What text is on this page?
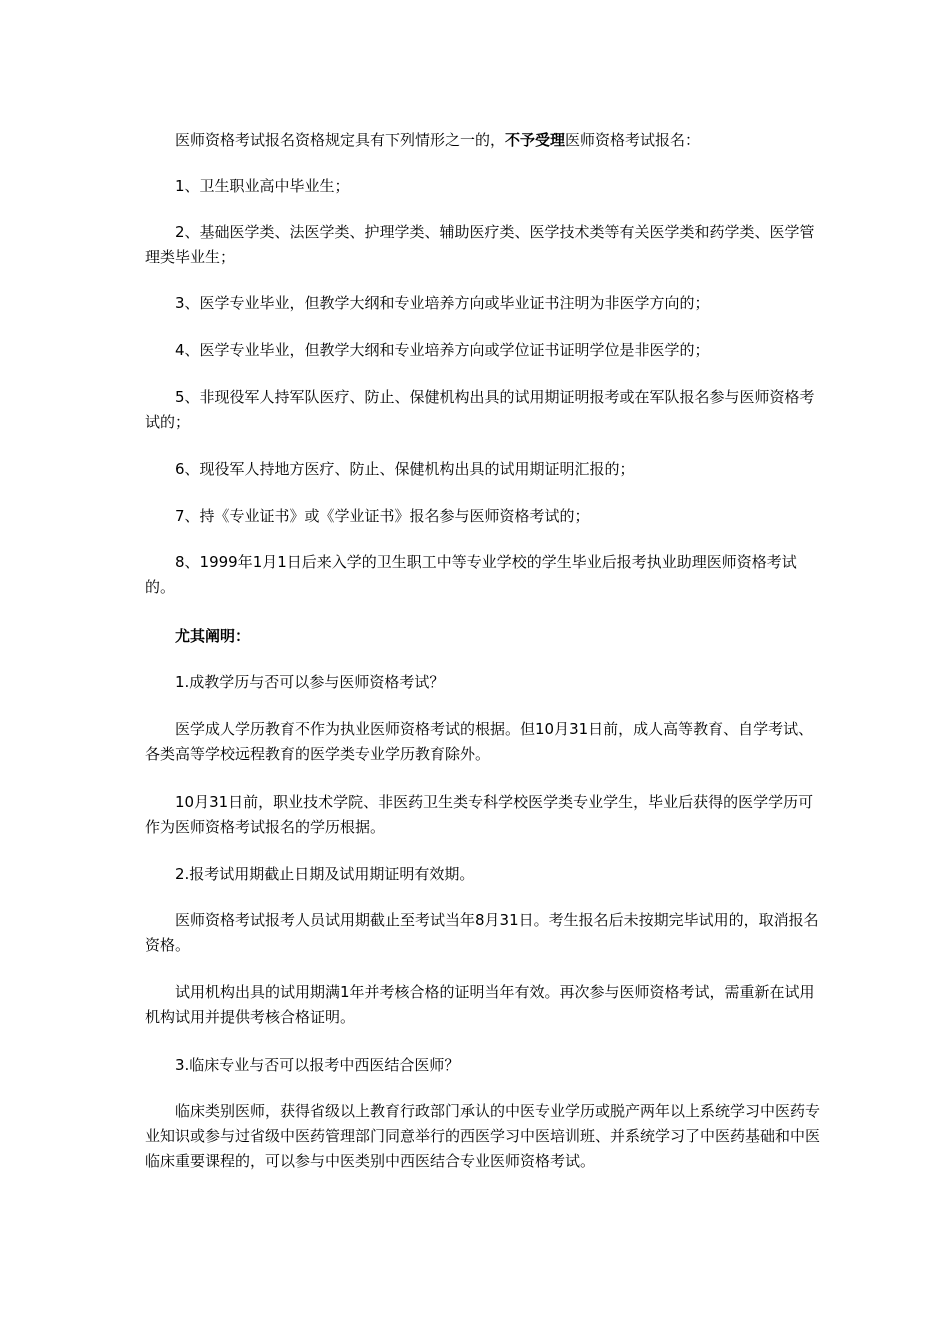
　　医师资格考试报名资格规定具有下列情形之一的，不予受理医师资格考试报名：

　　1、卫生职业高中毕业生；

　　2、基础医学类、法医学类、护理学类、辅助医疗类、医学技术类等有关医学类和药学类、医学管理类毕业生；

　　3、医学专业毕业，但教学大纲和专业培养方向或毕业证书注明为非医学方向的；

　　4、医学专业毕业，但教学大纲和专业培养方向或学位证书证明学位是非医学的；

　　5、非现役军人持军队医疗、防止、保健机构出具的试用期证明报考或在军队报名参与医师资格考试的；

　　6、现役军人持地方医疗、防止、保健机构出具的试用期证明汇报的；

　　7、持《专业证书》或《学业证书》报名参与医师资格考试的；

　　8、1999年1月1日后来入学的卫生职工中等专业学校的学生毕业后报考执业助理医师资格考试的。

　　尤其阐明：

　　1.成教学历与否可以参与医师资格考试？

　　医学成人学历教育不作为执业医师资格考试的根据。但10月31日前，成人高等教育、自学考试、各类高等学校远程教育的医学类专业学历教育除外。

　　10月31日前，职业技术学院、非医药卫生类专科学校医学类专业学生，毕业后获得的医学学历可作为医师资格考试报名的学历根据。

　　2.报考试用期截止日期及试用期证明有效期。

　　医师资格考试报考人员试用期截止至考试当年8月31日。考生报名后未按期完毕试用的，取消报名资格。

　　试用机构出具的试用期满1年并考核合格的证明当年有效。再次参与医师资格考试，需重新在试用机构试用并提供考核合格证明。

　　3.临床专业与否可以报考中西医结合医师？

　　临床类别医师，获得省级以上教育行政部门承认的中医专业学历或脱产两年以上系统学习中医药专业知识或参与过省级中医药管理部门同意举行的西医学习中医培训班、并系统学习了中医药基础和中医临床重要课程的，可以参与中医类别中西医结合专业医师资格考试。
